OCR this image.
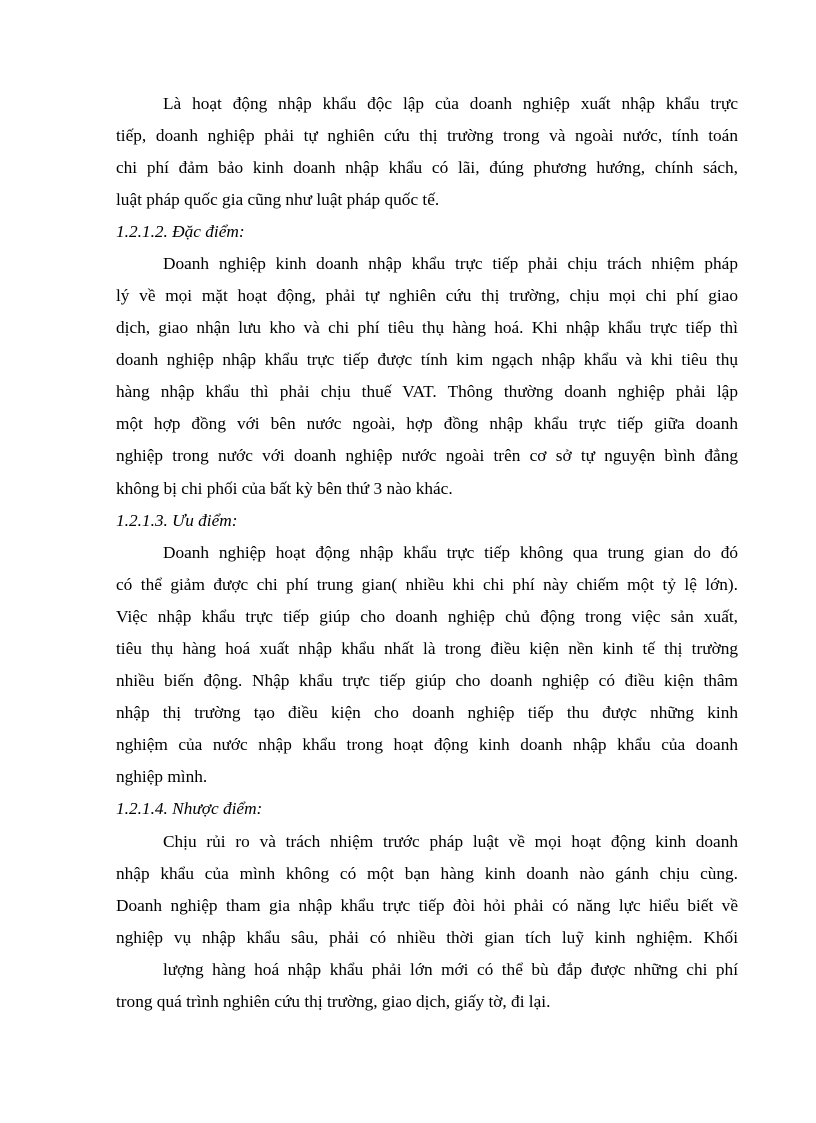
Là hoạt động nhập khẩu độc lập của doanh nghiệp xuất nhập khẩu trực
tiếp, doanh nghiệp phải tự nghiên cứu thị trường trong và ngoài nước, tính toán
chi phí đảm bảo kinh doanh nhập khẩu có lãi, đúng phương hướng, chính sách,
luật pháp quốc gia cũng như luật pháp quốc tế.
1.2.1.2. Đặc điểm:
Doanh nghiệp kinh doanh nhập khẩu trực tiếp phải chịu trách nhiệm pháp
lý về mọi mặt hoạt động, phải tự nghiên cứu thị trường, chịu mọi chi phí giao
dịch, giao nhận lưu kho và chi phí tiêu thụ hàng hoá. Khi nhập khẩu trực tiếp thì
doanh nghiệp nhập khẩu trực tiếp được tính kim ngạch nhập khẩu và khi tiêu thụ
hàng nhập khẩu thì phải chịu thuế VAT. Thông thường doanh nghiệp phải lập
một hợp đồng với bên nước ngoài, hợp đồng nhập khẩu trực tiếp giữa doanh
nghiệp trong nước với doanh nghiệp nước ngoài trên cơ sở tự nguyện bình đẳng
không bị chi phối của bất kỳ bên thứ 3 nào khác.
1.2.1.3. Ưu điểm:
Doanh nghiệp hoạt động nhập khẩu trực tiếp không qua trung gian do đó
có thể giảm được chi phí trung gian( nhiều khi chi phí này chiếm một tỷ lệ lớn).
Việc nhập khẩu trực tiếp giúp cho doanh nghiệp chủ động trong việc sản xuất,
tiêu thụ hàng hoá xuất nhập khẩu nhất là trong điều kiện nền kinh tế thị trường
nhiều biến động. Nhập khẩu trực tiếp giúp cho doanh nghiệp có điều kiện thâm
nhập thị trường tạo điều kiện cho doanh nghiệp tiếp thu được những kinh
nghiệm của nước nhập khẩu trong hoạt động kinh doanh nhập khẩu của doanh
nghiệp mình.
1.2.1.4. Nhược điểm:
Chịu rủi ro và trách nhiệm trước pháp luật về mọi hoạt động kinh doanh
nhập khẩu của mình không có một bạn hàng kinh doanh nào gánh chịu cùng.
Doanh nghiệp tham gia nhập khẩu trực tiếp đòi hỏi phải có năng lực hiểu biết về
nghiệp vụ nhập khẩu sâu, phải có nhiều thời gian tích luỹ kinh nghiệm. Khối
lượng hàng hoá nhập khẩu phải lớn mới có thể bù đắp được những chi phí
trong quá trình nghiên cứu thị trường, giao dịch, giấy tờ, đi lại.
